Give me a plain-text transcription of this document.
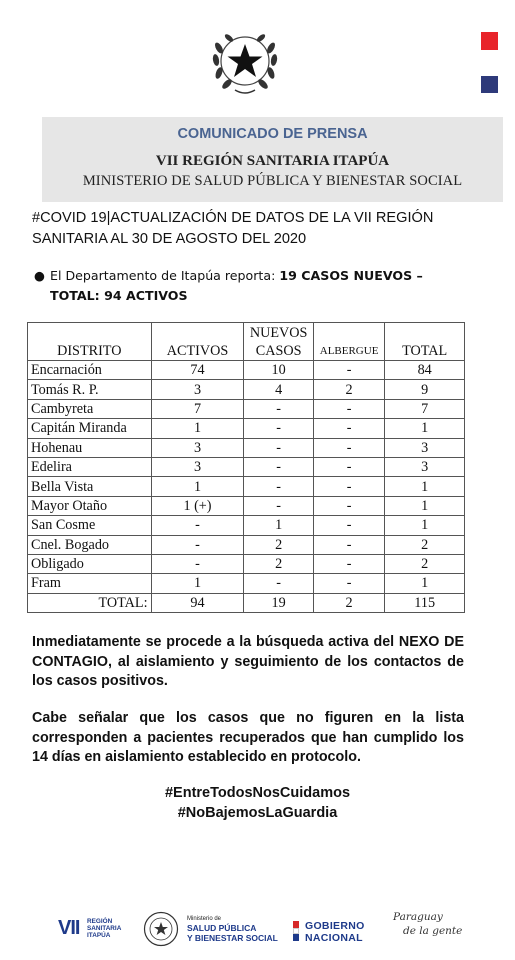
COMUNICADO DE PRENSA
VII REGIÓN SANITARIA ITAPÚA
MINISTERIO DE SALUD PÚBLICA Y BIENESTAR SOCIAL
#COVID 19|ACTUALIZACIÓN DE DATOS DE LA VII REGIÓN SANITARIA AL 30 DE AGOSTO DEL 2020
● El Departamento de Itapúa reporta: 19 CASOS NUEVOS – TOTAL: 94 ACTIVOS
DISTRITO	ACTIVOS	NUEVOS CASOS	ALBERGUE	TOTAL
Encarnación	74	10	-	84
Tomás R. P.	3	4	2	9
Cambyreta	7	-	-	7
Capitán Miranda	1	-	-	1
Hohenau	3	-	-	3
Edelira	3	-	-	3
Bella Vista	1	-	-	1
Mayor Otaño	1 (+)	-	-	1
San Cosme	-	1	-	1
Cnel. Bogado	-	2	-	2
Obligado	-	2	-	2
Fram	1	-	-	1
TOTAL:	94	19	2	115
Inmediatamente se procede a la búsqueda activa del NEXO DE CONTAGIO, al aislamiento y seguimiento de los contactos de los casos positivos.
Cabe señalar que los casos que no figuren en la lista corresponden a pacientes recuperados que han cumplido los 14 días en aislamiento establecido en protocolo.
#EntreTodosNosCuidamos
#NoBajemosLaGuardia
VII REGIÓN
SANITARIA
ITAPÚA
Ministerio de
SALUD PÚBLICA
Y BIENESTAR SOCIAL
GOBIERNO
NACIONAL
Paraguay
de la gente
